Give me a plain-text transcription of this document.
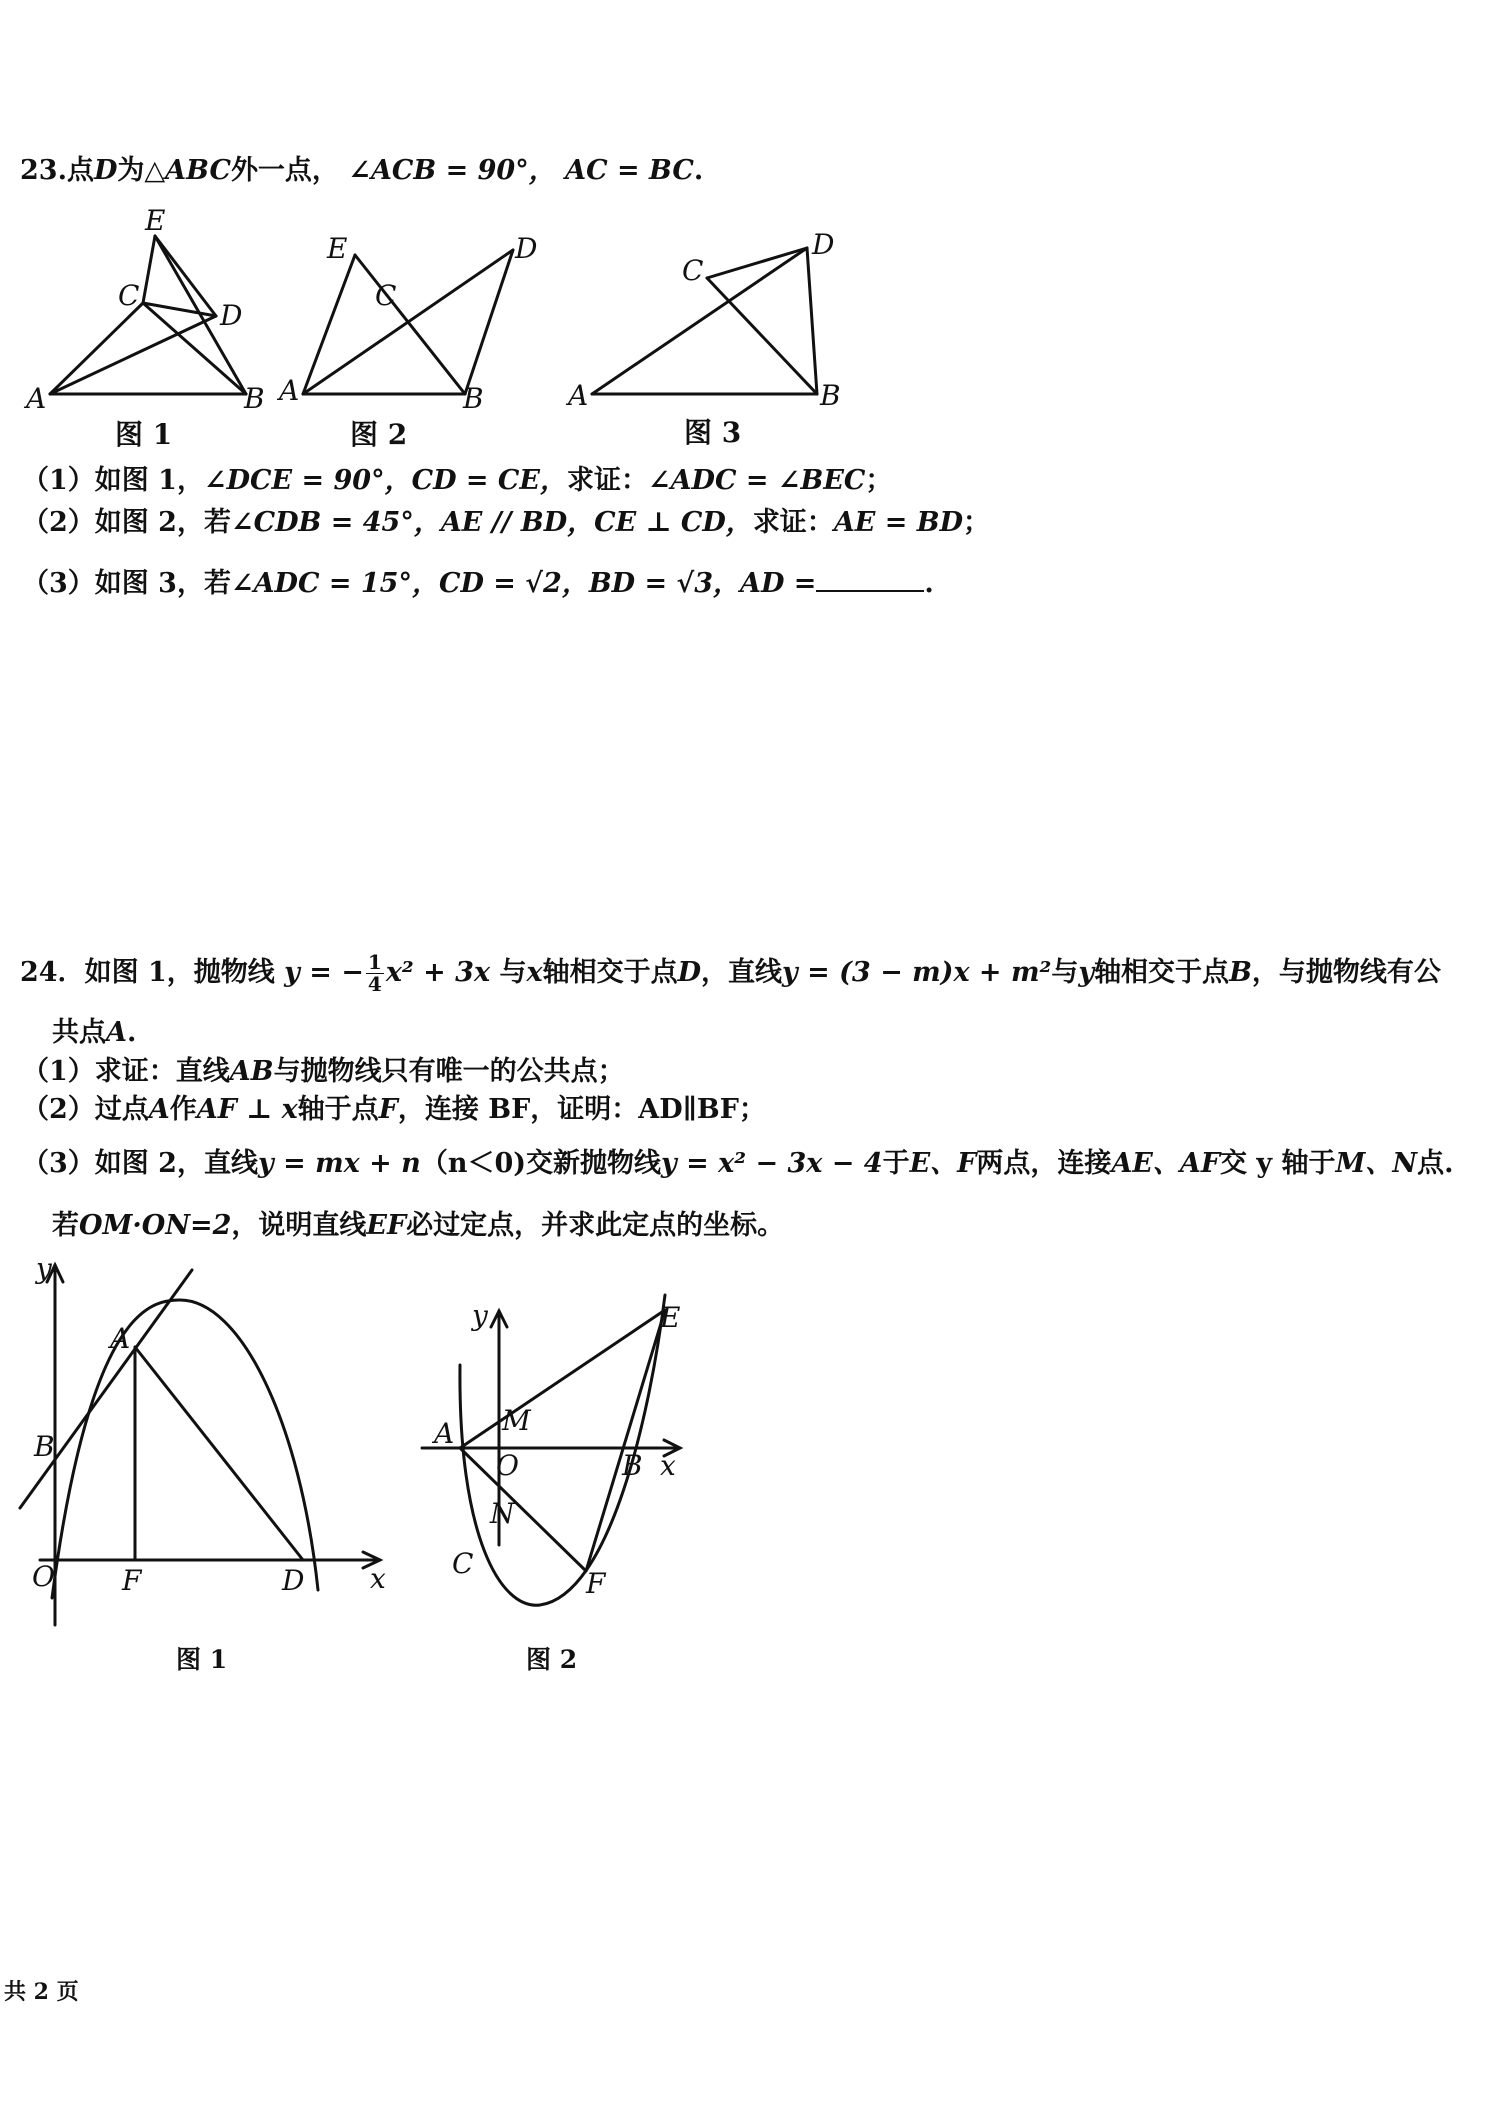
23.点D为△ABC外一点， ∠ACB = 90°， AC = BC.
A	B
C
D
E
图 1
A	B
C
D
E
图 2
A	B
C
D
图 3
（1）如图 1，∠DCE = 90°，CD = CE，求证：∠ADC = ∠BEC；
（2）如图 2，若∠CDB = 45°，AE // BD，CE ⊥ CD，求证：AE = BD；
（3）如图 3，若∠ADC = 15°，CD = √2，BD = √3，AD =	.
24．如图 1，抛物线 y = − $\frac{1}{4} x^2 + 3x$ 与x轴相交于点D，直线y = (3 − m)x + m²与y轴相交于点B，与抛物线有公
共点A.
（1）求证：直线AB与抛物线只有唯一的公共点；
（2）过点A作AF ⊥ x轴于点F，连接 BF，证明：AD∥BF；
（3）如图 2，直线y = mx + n（n＜0)交新抛物线y = x² − 3x − 4于E、F两点，连接AE、AF交 y 轴于M、N点.
若OM·ON=2，说明直线EF必过定点，并求此定点的坐标。
y
A
B
O F	D x
图 1
y	E
A M
O	B x
N
C
F
图 2
共 2 页
